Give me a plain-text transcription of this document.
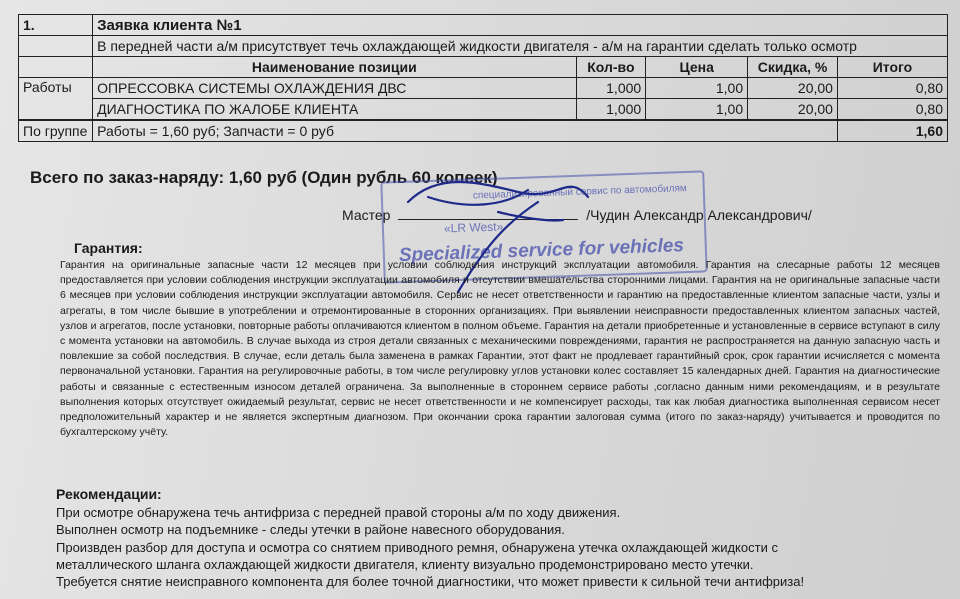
1.	Заявка клиента №1				
	В передней части а/м присутствует течь охлаждающей жидкости двигателя - а/м на гарантии сделать только осмотр				
	Наименование позиции	Кол-во	Цена	Скидка, %	Итого
Работы	ОПРЕССОВКА СИСТЕМЫ ОХЛАЖДЕНИЯ ДВС	1,000	1,00	20,00	0,80
	ДИАГНОСТИКА ПО ЖАЛОБЕ КЛИЕНТА	1,000	1,00	20,00	0,80
По группе	Работы = 1,60 руб; Запчасти = 0 руб				1,60
Всего по заказ-наряду: 1,60 руб (Один рубль 60 копеек)
специализированный сервис по автомобилям
«LR West»
Specialized service for vehicles
Мастер	/Чудин Александр Александрович/
Гарантия:
Гарантия на оригинальные запасные части 12 месяцев при условии соблюдения инструкций эксплуатации автомобиля. Гарантия на слесарные работы 12 месяцев предоставляется при условии соблюдения инструкции эксплуатации автомобиля и отсутствии вмешательства сторонними лицами. Гарантия на не оригинальные запасные части 6 месяцев при условии соблюдения инструкции эксплуатации автомобиля. Сервис не несет ответственности и гарантию на предоставленные клиентом запасные части, узлы и агрегаты, в том числе бывшие в употреблении и отремонтированные в сторонних организациях. При выявлении неисправности предоставленных клиентом запасных частей, узлов и агрегатов, после установки, повторные работы оплачиваются клиентом в полном объеме. Гарантия на детали приобретенные и установленные в сервисе вступают в силу с момента установки на автомобиль. В случае выхода из строя детали связанных с механическими повреждениями, гарантия не распространяется на данную запасную часть и повлекшие за собой последствия. В случае, если деталь была заменена в рамках Гарантии, этот факт не продлевает гарантийный срок, срок гарантии исчисляется с момента первоначальной установки. Гарантия на регулировочные работы, в том числе регулировку углов установки колес составляет 15 календарных дней. Гарантия на диагностические работы и связанные с естественным износом деталей ограничена. За выполненные в стороннем сервисе работы ,согласно данным ними рекомендациям, и в результате выполнения которых отсутствует ожидаемый результат, сервис не несет ответственности и не компенсирует расходы, так как любая диагностика выполненная сервисом несет предположительный характер и не является экспертным диагнозом. При окончании срока гарантии залоговая сумма (итого по заказ-наряду) учитывается и проводится по бухгалтерскому учёту.
Рекомендации:
При осмотре обнаружена течь антифриза с передней правой стороны а/м по ходу движения.
Выполнен осмотр на подъемнике - следы утечки в районе навесного оборудования.
Произвден разбор для доступа и осмотра со снятием приводного ремня, обнаружена утечка охлаждающей жидкости с
металлического шланга охлаждающей жидкости двигателя, клиенту визуально продемонстрировано место утечки.
Требуется снятие неисправного компонента для более точной диагностики, что может привести к сильной течи антифриза!
